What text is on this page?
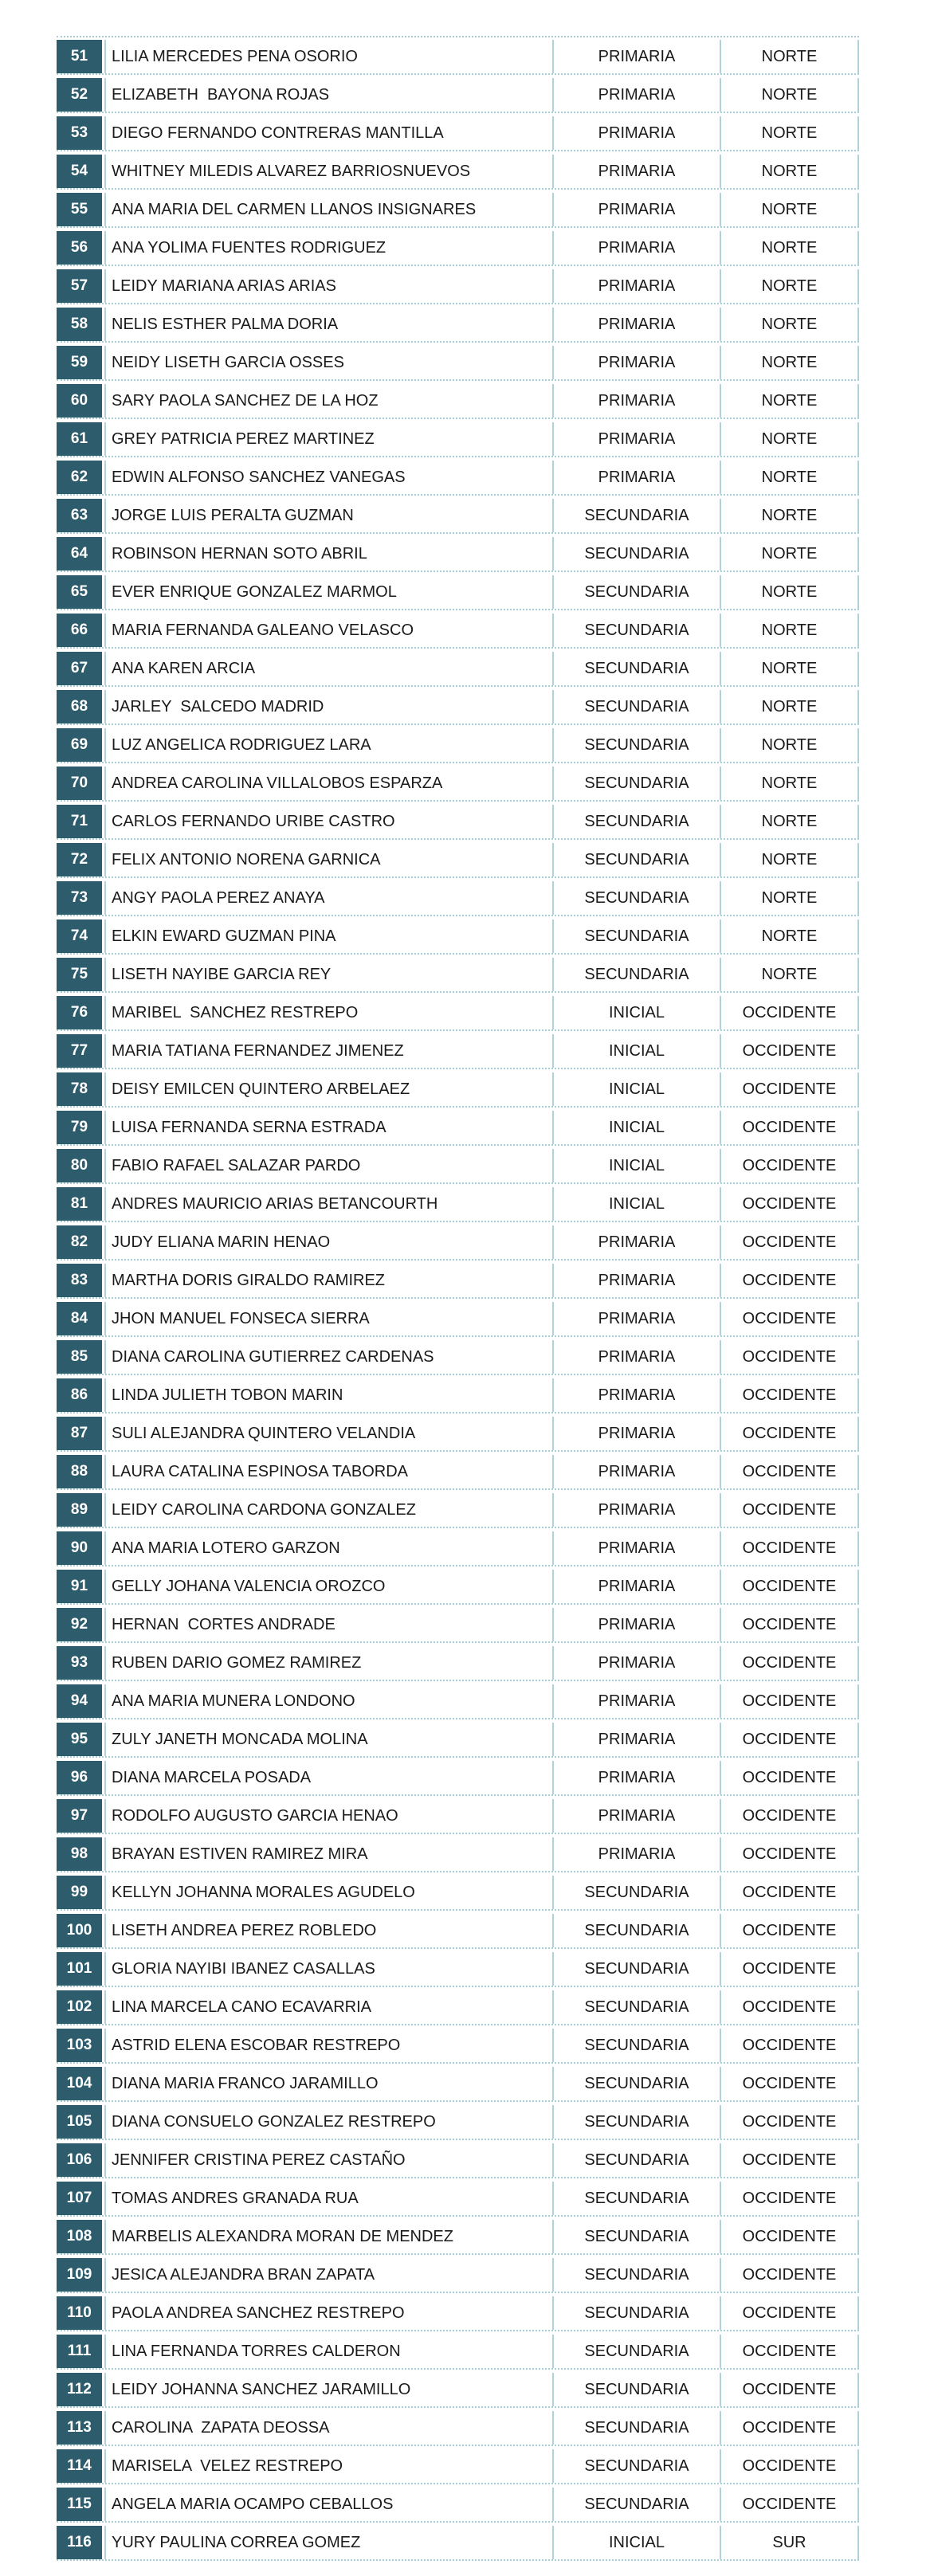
51	LILIA MERCEDES PENA OSORIO	PRIMARIA	NORTE
52	ELIZABETH  BAYONA ROJAS	PRIMARIA	NORTE
53	DIEGO FERNANDO CONTRERAS MANTILLA	PRIMARIA	NORTE
54	WHITNEY MILEDIS ALVAREZ BARRIOSNUEVOS	PRIMARIA	NORTE
55	ANA MARIA DEL CARMEN LLANOS INSIGNARES	PRIMARIA	NORTE
56	ANA YOLIMA FUENTES RODRIGUEZ	PRIMARIA	NORTE
57	LEIDY MARIANA ARIAS ARIAS	PRIMARIA	NORTE
58	NELIS ESTHER PALMA DORIA	PRIMARIA	NORTE
59	NEIDY LISETH GARCIA OSSES	PRIMARIA	NORTE
60	SARY PAOLA SANCHEZ DE LA HOZ	PRIMARIA	NORTE
61	GREY PATRICIA PEREZ MARTINEZ	PRIMARIA	NORTE
62	EDWIN ALFONSO SANCHEZ VANEGAS	PRIMARIA	NORTE
63	JORGE LUIS PERALTA GUZMAN	SECUNDARIA	NORTE
64	ROBINSON HERNAN SOTO ABRIL	SECUNDARIA	NORTE
65	EVER ENRIQUE GONZALEZ MARMOL	SECUNDARIA	NORTE
66	MARIA FERNANDA GALEANO VELASCO	SECUNDARIA	NORTE
67	ANA KAREN ARCIA	SECUNDARIA	NORTE
68	JARLEY  SALCEDO MADRID	SECUNDARIA	NORTE
69	LUZ ANGELICA RODRIGUEZ LARA	SECUNDARIA	NORTE
70	ANDREA CAROLINA VILLALOBOS ESPARZA	SECUNDARIA	NORTE
71	CARLOS FERNANDO URIBE CASTRO	SECUNDARIA	NORTE
72	FELIX ANTONIO NORENA GARNICA	SECUNDARIA	NORTE
73	ANGY PAOLA PEREZ ANAYA	SECUNDARIA	NORTE
74	ELKIN EWARD GUZMAN PINA	SECUNDARIA	NORTE
75	LISETH NAYIBE GARCIA REY	SECUNDARIA	NORTE
76	MARIBEL  SANCHEZ RESTREPO	INICIAL	OCCIDENTE
77	MARIA TATIANA FERNANDEZ JIMENEZ	INICIAL	OCCIDENTE
78	DEISY EMILCEN QUINTERO ARBELAEZ	INICIAL	OCCIDENTE
79	LUISA FERNANDA SERNA ESTRADA	INICIAL	OCCIDENTE
80	FABIO RAFAEL SALAZAR PARDO	INICIAL	OCCIDENTE
81	ANDRES MAURICIO ARIAS BETANCOURTH	INICIAL	OCCIDENTE
82	JUDY ELIANA MARIN HENAO	PRIMARIA	OCCIDENTE
83	MARTHA DORIS GIRALDO RAMIREZ	PRIMARIA	OCCIDENTE
84	JHON MANUEL FONSECA SIERRA	PRIMARIA	OCCIDENTE
85	DIANA CAROLINA GUTIERREZ CARDENAS	PRIMARIA	OCCIDENTE
86	LINDA JULIETH TOBON MARIN	PRIMARIA	OCCIDENTE
87	SULI ALEJANDRA QUINTERO VELANDIA	PRIMARIA	OCCIDENTE
88	LAURA CATALINA ESPINOSA TABORDA	PRIMARIA	OCCIDENTE
89	LEIDY CAROLINA CARDONA GONZALEZ	PRIMARIA	OCCIDENTE
90	ANA MARIA LOTERO GARZON	PRIMARIA	OCCIDENTE
91	GELLY JOHANA VALENCIA OROZCO	PRIMARIA	OCCIDENTE
92	HERNAN  CORTES ANDRADE	PRIMARIA	OCCIDENTE
93	RUBEN DARIO GOMEZ RAMIREZ	PRIMARIA	OCCIDENTE
94	ANA MARIA MUNERA LONDONO	PRIMARIA	OCCIDENTE
95	ZULY JANETH MONCADA MOLINA	PRIMARIA	OCCIDENTE
96	DIANA MARCELA POSADA	PRIMARIA	OCCIDENTE
97	RODOLFO AUGUSTO GARCIA HENAO	PRIMARIA	OCCIDENTE
98	BRAYAN ESTIVEN RAMIREZ MIRA	PRIMARIA	OCCIDENTE
99	KELLYN JOHANNA MORALES AGUDELO	SECUNDARIA	OCCIDENTE
100	LISETH ANDREA PEREZ ROBLEDO	SECUNDARIA	OCCIDENTE
101	GLORIA NAYIBI IBANEZ CASALLAS	SECUNDARIA	OCCIDENTE
102	LINA MARCELA CANO ECAVARRIA	SECUNDARIA	OCCIDENTE
103	ASTRID ELENA ESCOBAR RESTREPO	SECUNDARIA	OCCIDENTE
104	DIANA MARIA FRANCO JARAMILLO	SECUNDARIA	OCCIDENTE
105	DIANA CONSUELO GONZALEZ RESTREPO	SECUNDARIA	OCCIDENTE
106	JENNIFER CRISTINA PEREZ CASTAÑO	SECUNDARIA	OCCIDENTE
107	TOMAS ANDRES GRANADA RUA	SECUNDARIA	OCCIDENTE
108	MARBELIS ALEXANDRA MORAN DE MENDEZ	SECUNDARIA	OCCIDENTE
109	JESICA ALEJANDRA BRAN ZAPATA	SECUNDARIA	OCCIDENTE
110	PAOLA ANDREA SANCHEZ RESTREPO	SECUNDARIA	OCCIDENTE
111	LINA FERNANDA TORRES CALDERON	SECUNDARIA	OCCIDENTE
112	LEIDY JOHANNA SANCHEZ JARAMILLO	SECUNDARIA	OCCIDENTE
113	CAROLINA  ZAPATA DEOSSA	SECUNDARIA	OCCIDENTE
114	MARISELA  VELEZ RESTREPO	SECUNDARIA	OCCIDENTE
115	ANGELA MARIA OCAMPO CEBALLOS	SECUNDARIA	OCCIDENTE
116	YURY PAULINA CORREA GOMEZ	INICIAL	SUR
